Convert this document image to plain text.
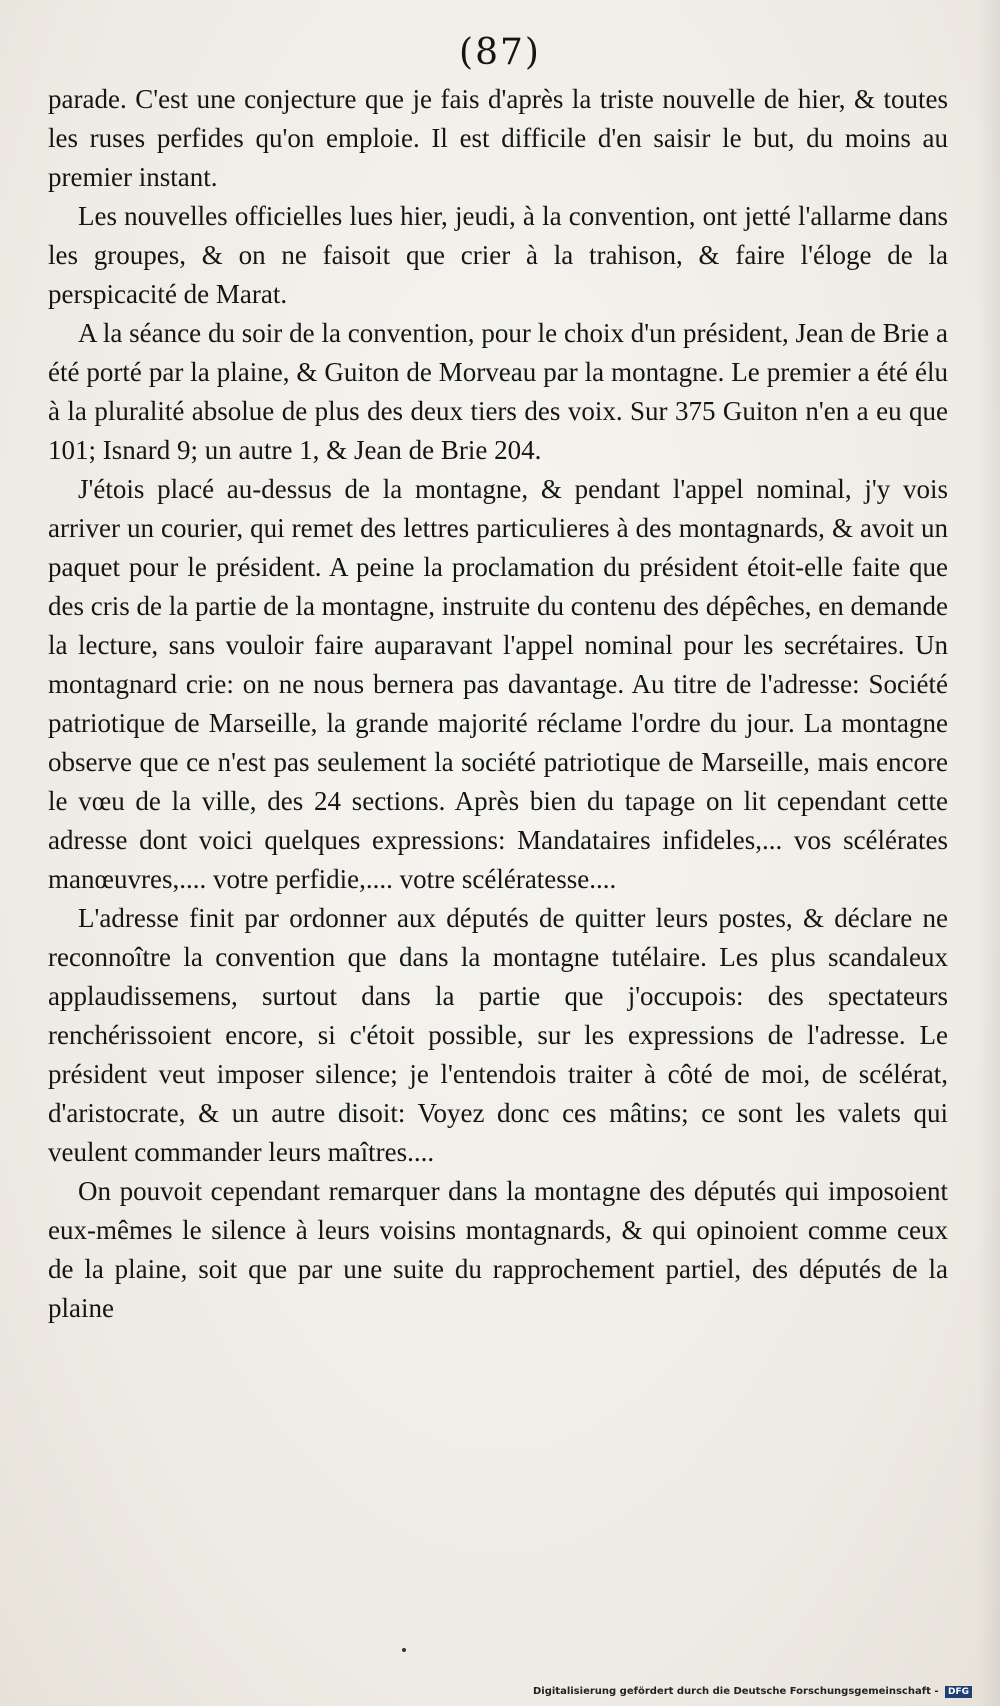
(87)

parade. C'est une conjecture que je fais d'après la triste nouvelle de hier, & toutes les ruses perfides qu'on emploie. Il est difficile d'en saisir le but, du moins au premier instant.

Les nouvelles officielles lues hier, jeudi, à la convention, ont jetté l'allarme dans les groupes, & on ne faisoit que crier à la trahison, & faire l'éloge de la perspicacité de Marat.

A la séance du soir de la convention, pour le choix d'un président, Jean de Brie a été porté par la plaine, & Guiton de Morveau par la montagne. Le premier a été élu à la pluralité absolue de plus des deux tiers des voix. Sur 375 Guiton n'en a eu que 101; Isnard 9; un autre 1, & Jean de Brie 204.

J'étois placé au-dessus de la montagne, & pendant l'appel nominal, j'y vois arriver un courier, qui remet des lettres particulieres à des montagnards, & avoit un paquet pour le président. A peine la proclamation du président étoit-elle faite que des cris de la partie de la montagne, instruite du contenu des dépêches, en demande la lecture, sans vouloir faire auparavant l'appel nominal pour les secrétaires. Un montagnard crie: on ne nous bernera pas davantage. Au titre de l'adresse: Société patriotique de Marseille, la grande majorité réclame l'ordre du jour. La montagne observe que ce n'est pas seulement la société patriotique de Marseille, mais encore le vœu de la ville, des 24 sections. Après bien du tapage on lit cependant cette adresse dont voici quelques expressions: Mandataires infideles,... vos scélérates manœuvres,.... votre perfidie,.... votre scélératesse....

L'adresse finit par ordonner aux députés de quitter leurs postes, & déclare ne reconnoître la convention que dans la montagne tutélaire. Les plus scandaleux applaudissemens, surtout dans la partie que j'occupois: des spectateurs renchérissoient encore, si c'étoit possible, sur les expressions de l'adresse. Le président veut imposer silence; je l'entendois traiter à côté de moi, de scélérat, d'aristocrate, & un autre disoit: Voyez donc ces mâtins; ce sont les valets qui veulent commander leurs maîtres....

On pouvoit cependant remarquer dans la montagne des députés qui imposoient eux-mêmes le silence à leurs voisins montagnards, & qui opinoient comme ceux de la plaine, soit que par une suite du rapprochement partiel, des députés de la plaine

Digitalisierung gefördert durch die Deutsche Forschungsgemeinschaft - DFG
